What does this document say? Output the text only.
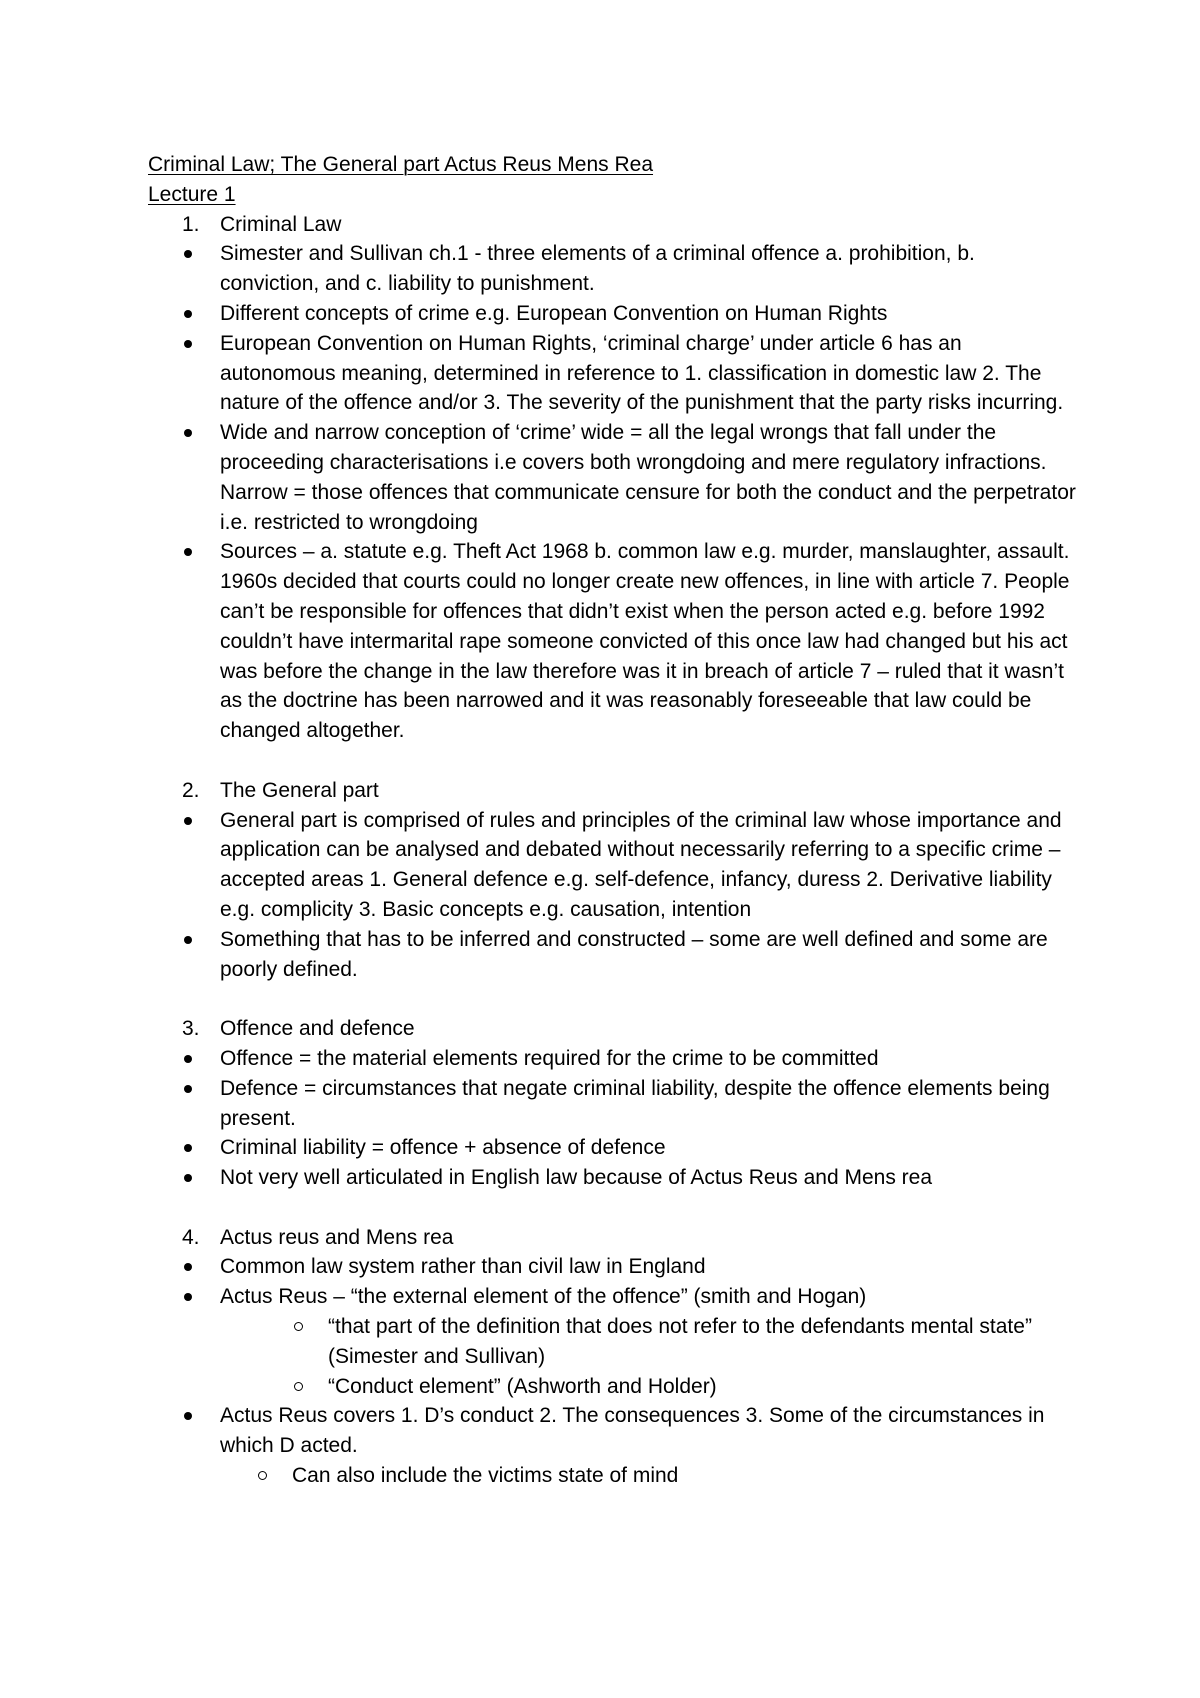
Criminal Law; The General part Actus Reus Mens Rea
Lecture 1
1. Criminal Law
Simester and Sullivan ch.1 - three elements of a criminal offence a. prohibition, b. conviction, and c. liability to punishment.
Different concepts of crime e.g. European Convention on Human Rights
European Convention on Human Rights, ‘criminal charge’ under article 6 has an autonomous meaning, determined in reference to 1. classification in domestic law 2. The nature of the offence and/or 3. The severity of the punishment that the party risks incurring.
Wide and narrow conception of ‘crime’ wide = all the legal wrongs that fall under the proceeding characterisations i.e covers both wrongdoing and mere regulatory infractions. Narrow = those offences that communicate censure for both the conduct and the perpetrator i.e. restricted to wrongdoing
Sources – a. statute e.g. Theft Act 1968 b. common law e.g. murder, manslaughter, assault. 1960s decided that courts could no longer create new offences, in line with article 7. People can’t be responsible for offences that didn’t exist when the person acted e.g. before 1992 couldn’t have intermarital rape someone convicted of this once law had changed but his act was before the change in the law therefore was it in breach of article 7 – ruled that it wasn’t as the doctrine has been narrowed and it was reasonably foreseeable that law could be changed altogether.
2. The General part
General part is comprised of rules and principles of the criminal law whose importance and application can be analysed and debated without necessarily referring to a specific crime – accepted areas 1. General defence e.g. self-defence, infancy, duress 2. Derivative liability e.g. complicity 3. Basic concepts e.g. causation, intention
Something that has to be inferred and constructed – some are well defined and some are poorly defined.
3. Offence and defence
Offence = the material elements required for the crime to be committed
Defence = circumstances that negate criminal liability, despite the offence elements being present.
Criminal liability = offence + absence of defence
Not very well articulated in English law because of Actus Reus and Mens rea
4. Actus reus and Mens rea
Common law system rather than civil law in England
Actus Reus – “the external element of the offence” (smith and Hogan)
“that part of the definition that does not refer to the defendants mental state” (Simester and Sullivan)
“Conduct element” (Ashworth and Holder)
Actus Reus covers 1. D’s conduct 2. The consequences 3. Some of the circumstances in which D acted.
Can also include the victims state of mind
